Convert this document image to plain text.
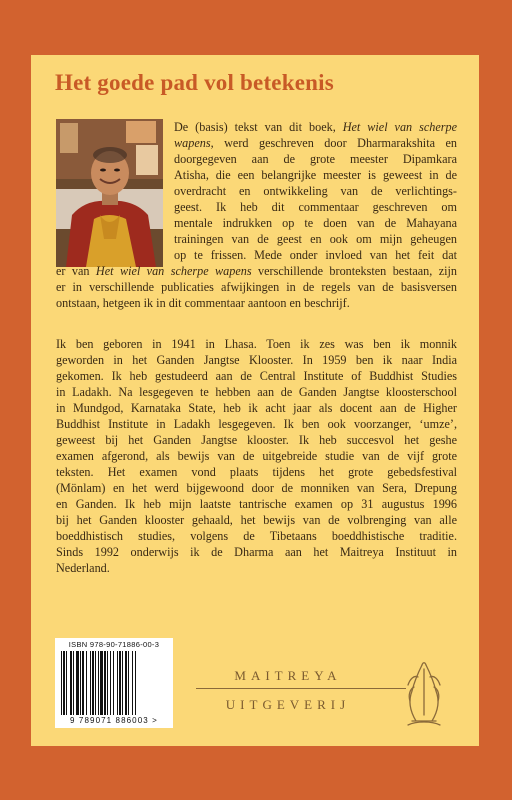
Het goede pad vol betekenis
De (basis) tekst van dit boek, Het wiel van scherpe
wapens, werd geschreven door Dharmarakshita en
doorgegeven aan de grote meester Dipamkara
Atisha, die een belangrijke meester is geweest in de
overdracht en ontwikkeling van de verlichtings-
geest. Ik heb dit commentaar geschreven om
mentale indrukken op te doen van de Mahayana
trainingen van de geest en ook om mijn geheugen
op te frissen. Mede onder invloed van het feit dat
er van Het wiel van scherpe wapens verschillende bronteksten bestaan, zijn
er in verschillende publicaties afwijkingen in de regels van de basisversen
ontstaan, hetgeen ik in dit commentaar aantoon en beschrijf.
Ik ben geboren in 1941 in Lhasa. Toen ik zes was ben ik monnik
geworden in het Ganden Jangtse Klooster. In 1959 ben ik naar India
gekomen. Ik heb gestudeerd aan de Central Institute of Buddhist Studies
in Ladakh. Na lesgegeven te hebben aan de Ganden Jangtse kloosterschool
in Mundgod, Karnataka State, heb ik acht jaar als docent aan de Higher
Buddhist Institute in Ladakh lesgegeven. Ik ben ook voorzanger, ‘umze’,
geweest bij het Ganden Jangtse klooster. Ik heb succesvol het geshe
examen afgerond, als bewijs van de uitgebreide studie van de vijf grote
teksten. Het examen vond plaats tijdens het grote gebedsfestival
(Mönlam) en het werd bijgewoond door de monniken van Sera, Drepung
en Ganden. Ik heb mijn laatste tantrische examen op 31 augustus 1996
bij het Ganden klooster gehaald, het bewijs van de volbrenging van alle
boeddhistisch studies, volgens de Tibetaans boeddhistische traditie.
Sinds 1992 onderwijs ik de Dharma aan het Maitreya Instituut in
Nederland.
ISBN 978-90-71886-00-3
9 789071 886003 >
MAITREYA
UITGEVERIJ
